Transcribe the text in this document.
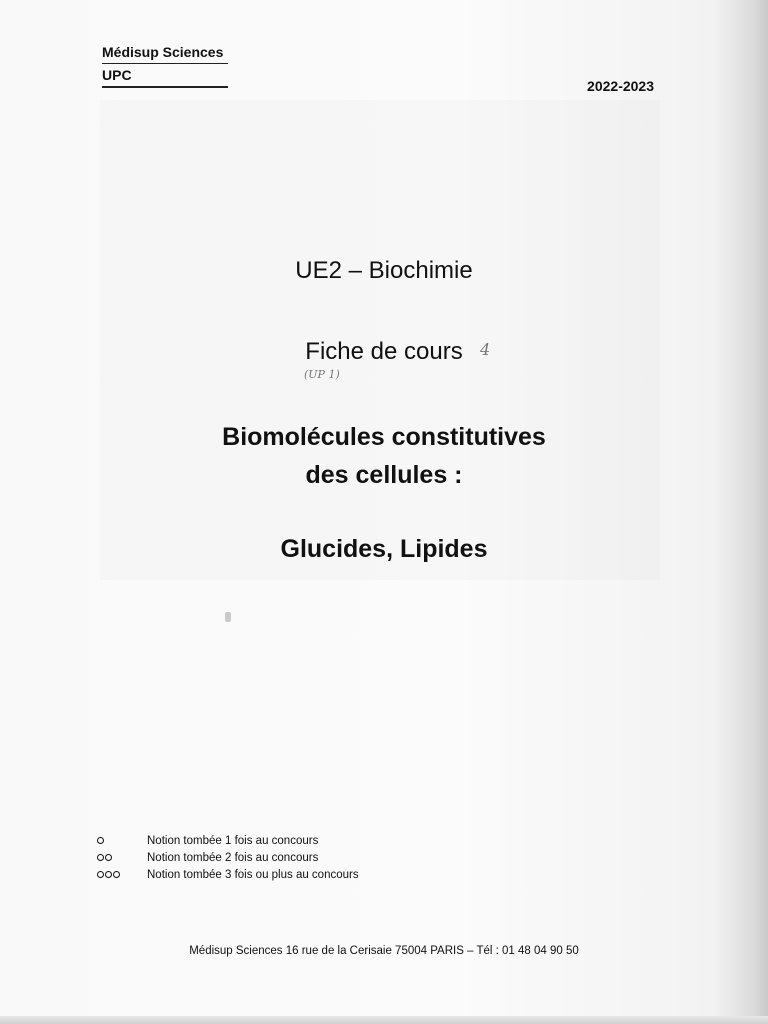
Médisup Sciences
UPC
2022-2023
UE2 – Biochimie
Fiche de cours	4
(UP 1)
Biomolécules constitutives
des cellules :
Glucides, Lipides
Notion tombée 1 fois au concours
Notion tombée 2 fois au concours
Notion tombée 3 fois ou plus au concours
Médisup Sciences 16 rue de la Cerisaie 75004 PARIS – Tél : 01 48 04 90 50
